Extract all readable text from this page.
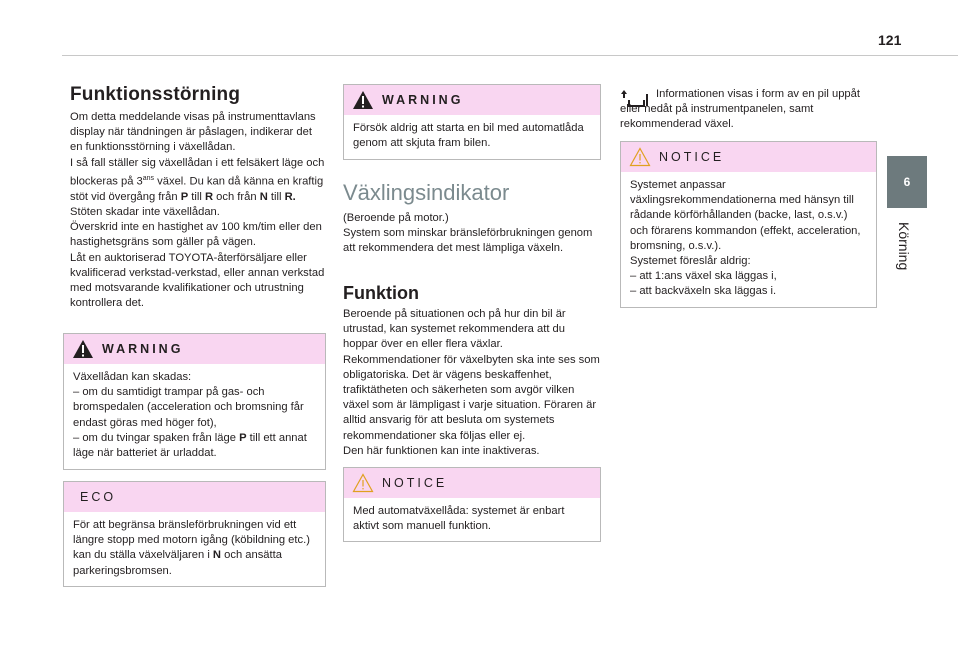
121
6
Körning
Funktionsstörning

Om detta meddelande visas på instrumenttavlans display när tändningen är påslagen, indikerar det en funktionsstörning i växellådan.

I så fall ställer sig växellådan i ett felsäkert läge och blockeras på $3^{ans}$ växel. Du kan då känna en kraftig stöt vid övergång från P till R och från N till R. Stöten skadar inte växellådan.

Överskrid inte en hastighet av 100 km/tim eller den hastighetsgräns som gäller på vägen.

Låt en auktoriserad TOYOTA-återförsäljare eller kvalificerad verkstad-verkstad, eller annan verkstad med motsvarande kvalifikationer och utrustning kontrollera det.

WARNING

Växellådan kan skadas:

– om du samtidigt trampar på gas- och bromspedalen (acceleration och bromsning får endast göras med höger fot),

– om du tvingar spaken från läge P till ett annat läge när batteriet är urladdat.

ECO

För att begränsa bränsleförbrukningen vid ett längre stopp med motorn igång (köbildning etc.) kan du ställa växelväljaren i N och ansätta parkeringsbromsen.

WARNING

Försök aldrig att starta en bil med automatlåda genom att skjuta fram bilen.

Växlingsindikator

(Beroende på motor.)

System som minskar bränsleförbrukningen genom att rekommendera det mest lämpliga växeln.

Funktion

Beroende på situationen och på hur din bil är utrustad, kan systemet rekommendera att du hoppar över en eller flera växlar.

Rekommendationer för växelbyten ska inte ses som obligatoriska. Det är vägens beskaffenhet, trafiktätheten och säkerheten som avgör vilken växel som är lämpligast i varje situation. Föraren är alltid ansvarig för att besluta om systemets rekommendationer ska följas eller ej.

Den här funktionen kan inte inaktiveras.

NOTICE

Med automatväxellåda: systemet är enbart aktivt som manuell funktion.

Informationen visas i form av en pil uppåt eller nedåt på instrumentpanelen, samt rekommenderad växel.
NOTICE

Systemet anpassar växlingsrekommendationerna med hänsyn till rådande körförhållanden (backe, last, o.s.v.) och förarens kommandon (effekt, acceleration, bromsning, o.s.v.).

Systemet föreslår aldrig:

– att 1:ans växel ska läggas i,

– att backväxeln ska läggas i.
